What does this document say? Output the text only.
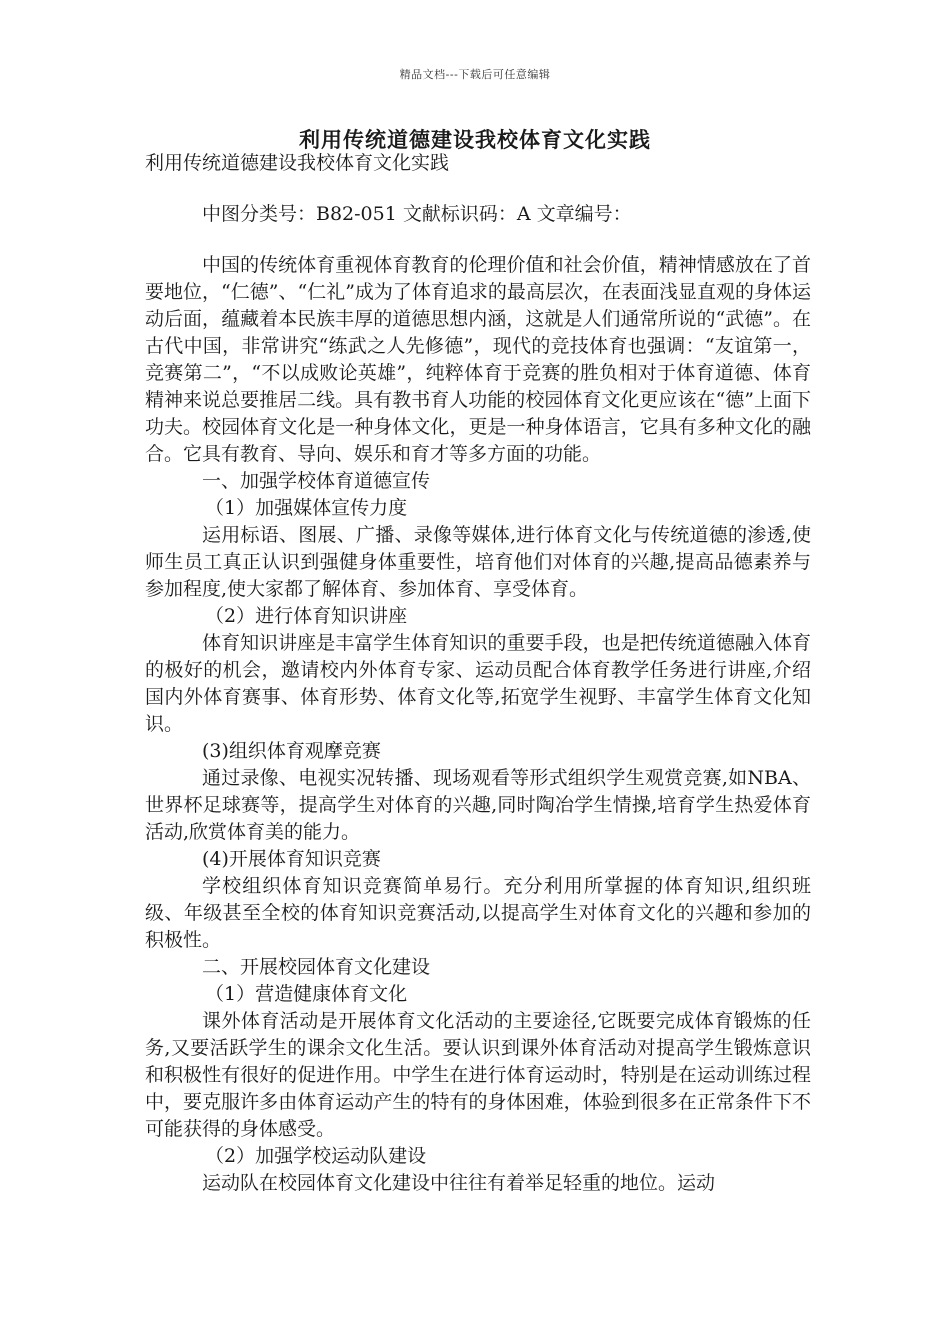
精品文档---下载后可任意编辑
利用传统道德建设我校体育文化实践

利用传统道德建设我校体育文化实践

中图分类号：B82-051 文献标识码：A 文章编号：

中国的传统体育重视体育教育的伦理价值和社会价值，精神情感放在了首要地位，“仁德”、“仁礼”成为了体育追求的最高层次，在表面浅显直观的身体运动后面，蕴藏着本民族丰厚的道德思想内涵，这就是人们通常所说的“武德”。在古代中国，非常讲究“练武之人先修德”，现代的竞技体育也强调：“友谊第一，竞赛第二”，“不以成败论英雄”，纯粹体育于竞赛的胜负相对于体育道德、体育精神来说总要推居二线。具有教书育人功能的校园体育文化更应该在“德”上面下功夫。校园体育文化是一种身体文化，更是一种身体语言，它具有多种文化的融合。它具有教育、导向、娱乐和育才等多方面的功能。

一、加强学校体育道德宣传

（1）加强媒体宣传力度

运用标语、图展、广播、录像等媒体,进行体育文化与传统道德的渗透,使师生员工真正认识到强健身体重要性，培育他们对体育的兴趣,提高品德素养与参加程度,使大家都了解体育、参加体育、享受体育。

（2）进行体育知识讲座

体育知识讲座是丰富学生体育知识的重要手段，也是把传统道德融入体育的极好的机会，邀请校内外体育专家、运动员配合体育教学任务进行讲座,介绍国内外体育赛事、体育形势、体育文化等,拓宽学生视野、丰富学生体育文化知识。

(3)组织体育观摩竞赛

通过录像、电视实况转播、现场观看等形式组织学生观赏竞赛,如NBA、世界杯足球赛等，提高学生对体育的兴趣,同时陶冶学生情操,培育学生热爱体育活动,欣赏体育美的能力。

(4)开展体育知识竞赛

学校组织体育知识竞赛简单易行。充分利用所掌握的体育知识,组织班级、年级甚至全校的体育知识竞赛活动,以提高学生对体育文化的兴趣和参加的积极性。

二、开展校园体育文化建设

（1）营造健康体育文化

课外体育活动是开展体育文化活动的主要途径,它既要完成体育锻炼的任务,又要活跃学生的课余文化生活。要认识到课外体育活动对提高学生锻炼意识和积极性有很好的促进作用。中学生在进行体育运动时，特别是在运动训练过程中，要克服许多由体育运动产生的特有的身体困难，体验到很多在正常条件下不可能获得的身体感受。

（2）加强学校运动队建设

运动队在校园体育文化建设中往往有着举足轻重的地位。运动
